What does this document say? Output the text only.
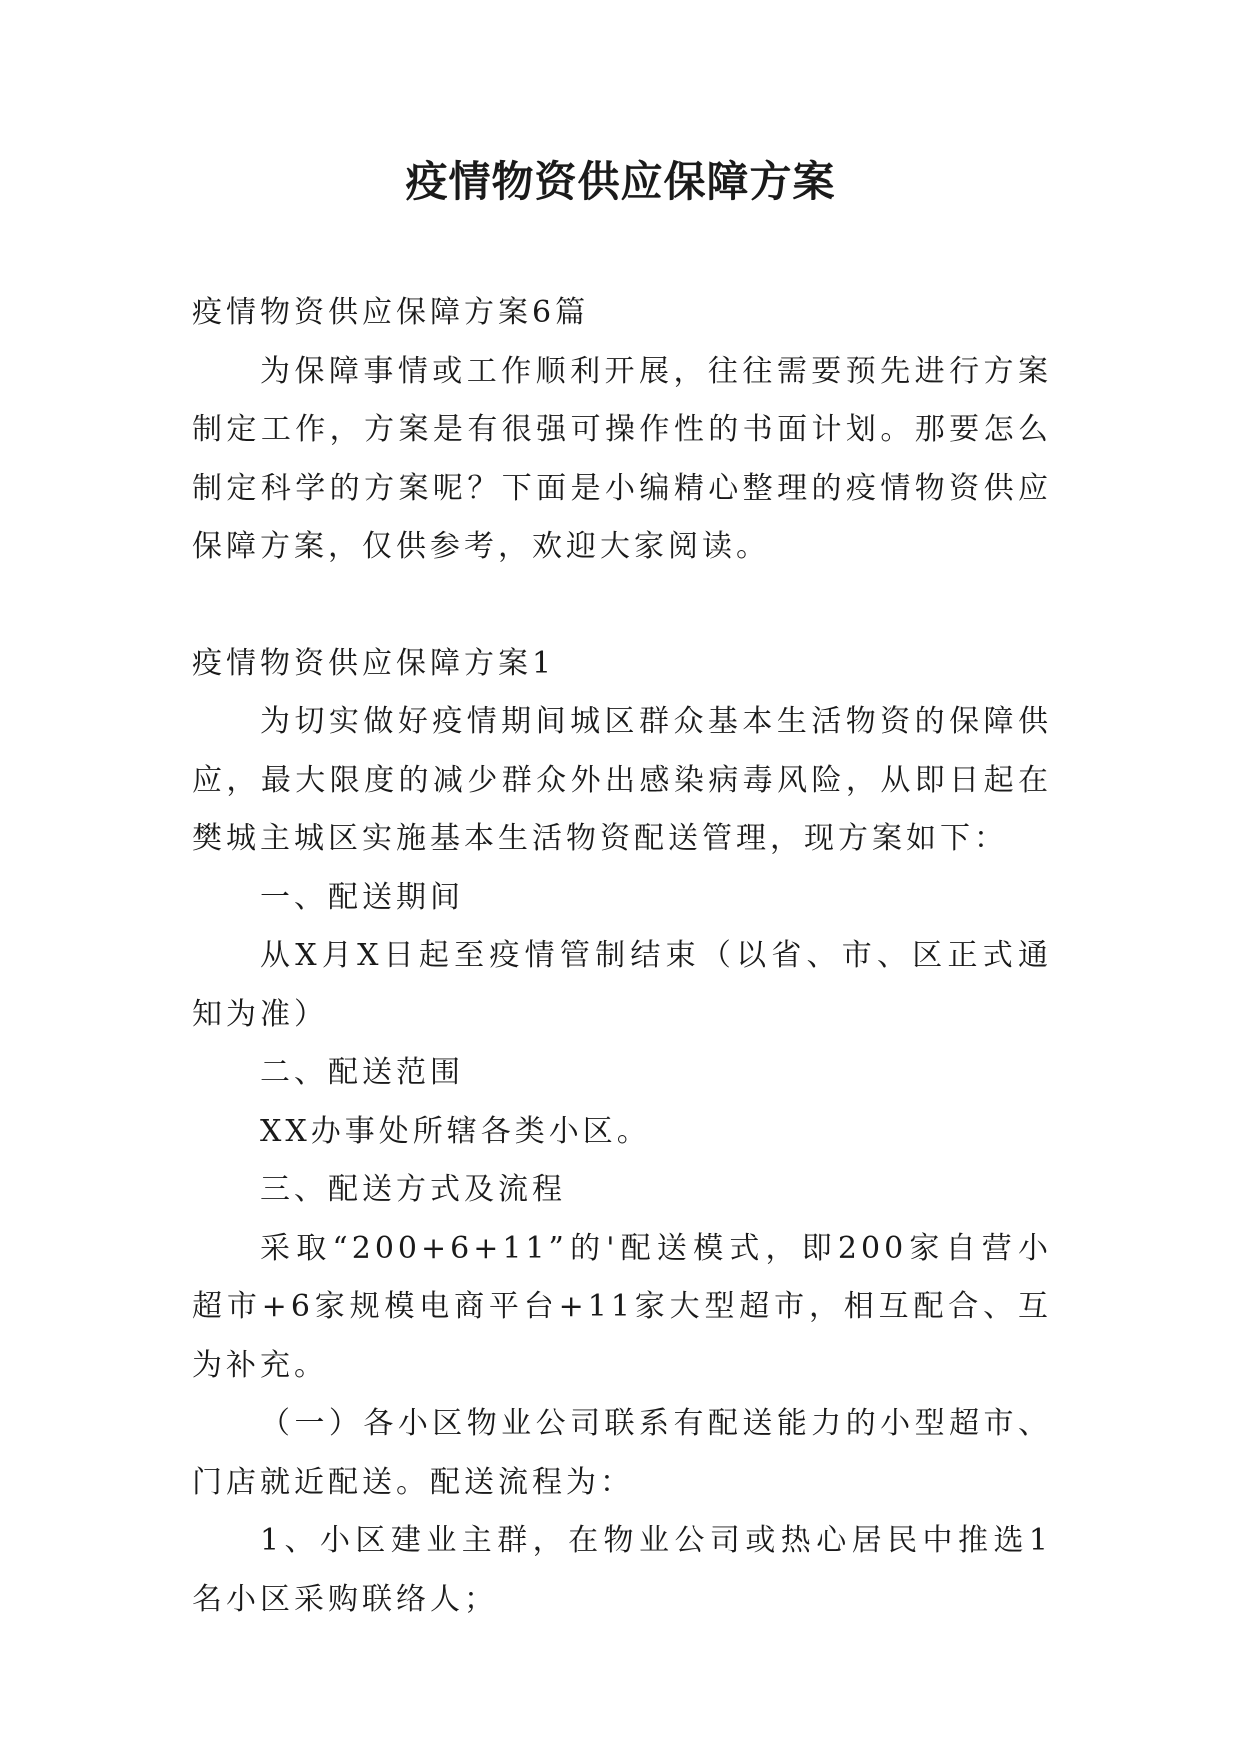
疫情物资供应保障方案

疫情物资供应保障方案6篇

为保障事情或工作顺利开展，往往需要预先进行方案制定工作，方案是有很强可操作性的书面计划。那要怎么制定科学的方案呢？下面是小编精心整理的疫情物资供应保障方案，仅供参考，欢迎大家阅读。

疫情物资供应保障方案1

为切实做好疫情期间城区群众基本生活物资的保障供应，最大限度的减少群众外出感染病毒风险，从即日起在樊城主城区实施基本生活物资配送管理，现方案如下：

一、配送期间

从X月X日起至疫情管制结束（以省、市、区正式通知为准）

二、配送范围

XX办事处所辖各类小区。

三、配送方式及流程

采取“200+6+11”的'配送模式，即200家自营小超市+6家规模电商平台+11家大型超市，相互配合、互为补充。

（一）各小区物业公司联系有配送能力的小型超市、门店就近配送。配送流程为：

1、小区建业主群，在物业公司或热心居民中推选1名小区采购联络人；
